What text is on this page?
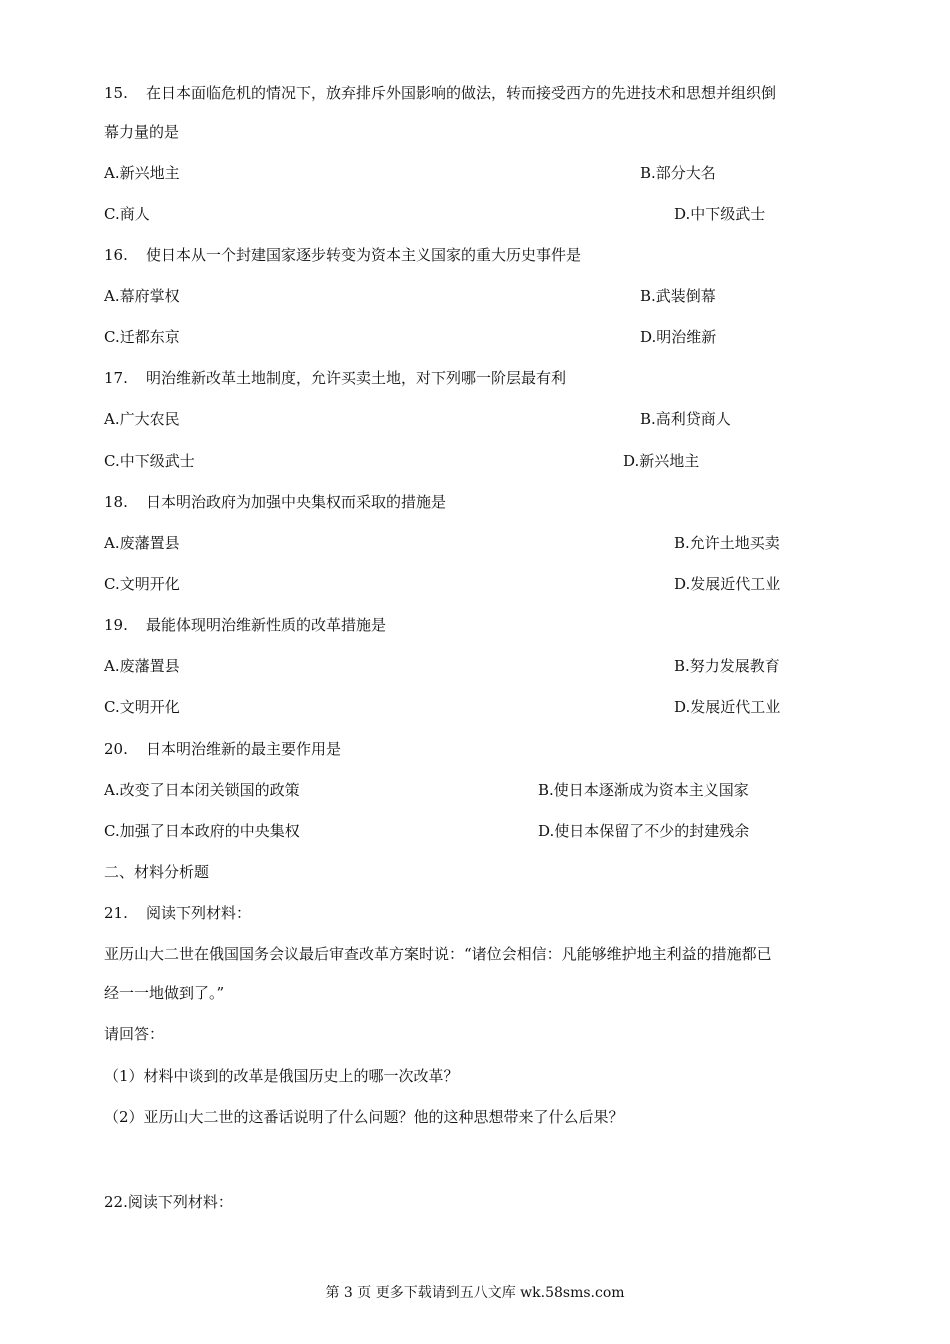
15. 在日本面临危机的情况下，放弃排斥外国影响的做法，转而接受西方的先进技术和思想并组织倒
幕力量的是
A.新兴地主	B.部分大名
C.商人	D.中下级武士
16. 使日本从一个封建国家逐步转变为资本主义国家的重大历史事件是
A.幕府掌权	B.武装倒幕
C.迁都东京	D.明治维新
17. 明治维新改革土地制度，允许买卖土地，对下列哪一阶层最有利
A.广大农民	B.高利贷商人
C.中下级武士	D.新兴地主
18. 日本明治政府为加强中央集权而采取的措施是
A.废藩置县	B.允许土地买卖
C.文明开化	D.发展近代工业
19. 最能体现明治维新性质的改革措施是
A.废藩置县	B.努力发展教育
C.文明开化	D.发展近代工业
20. 日本明治维新的最主要作用是
A.改变了日本闭关锁国的政策	B.使日本逐渐成为资本主义国家
C.加强了日本政府的中央集权	D.使日本保留了不少的封建残余
二、材料分析题
21. 阅读下列材料：
亚历山大二世在俄国国务会议最后审查改革方案时说：“诸位会相信：凡能够维护地主利益的措施都已
经一一地做到了。”
请回答：
（1）材料中谈到的改革是俄国历史上的哪一次改革？
（2）亚历山大二世的这番话说明了什么问题？他的这种思想带来了什么后果？
22.阅读下列材料：
第 3 页 更多下载请到五八文库 wk.58sms.com
